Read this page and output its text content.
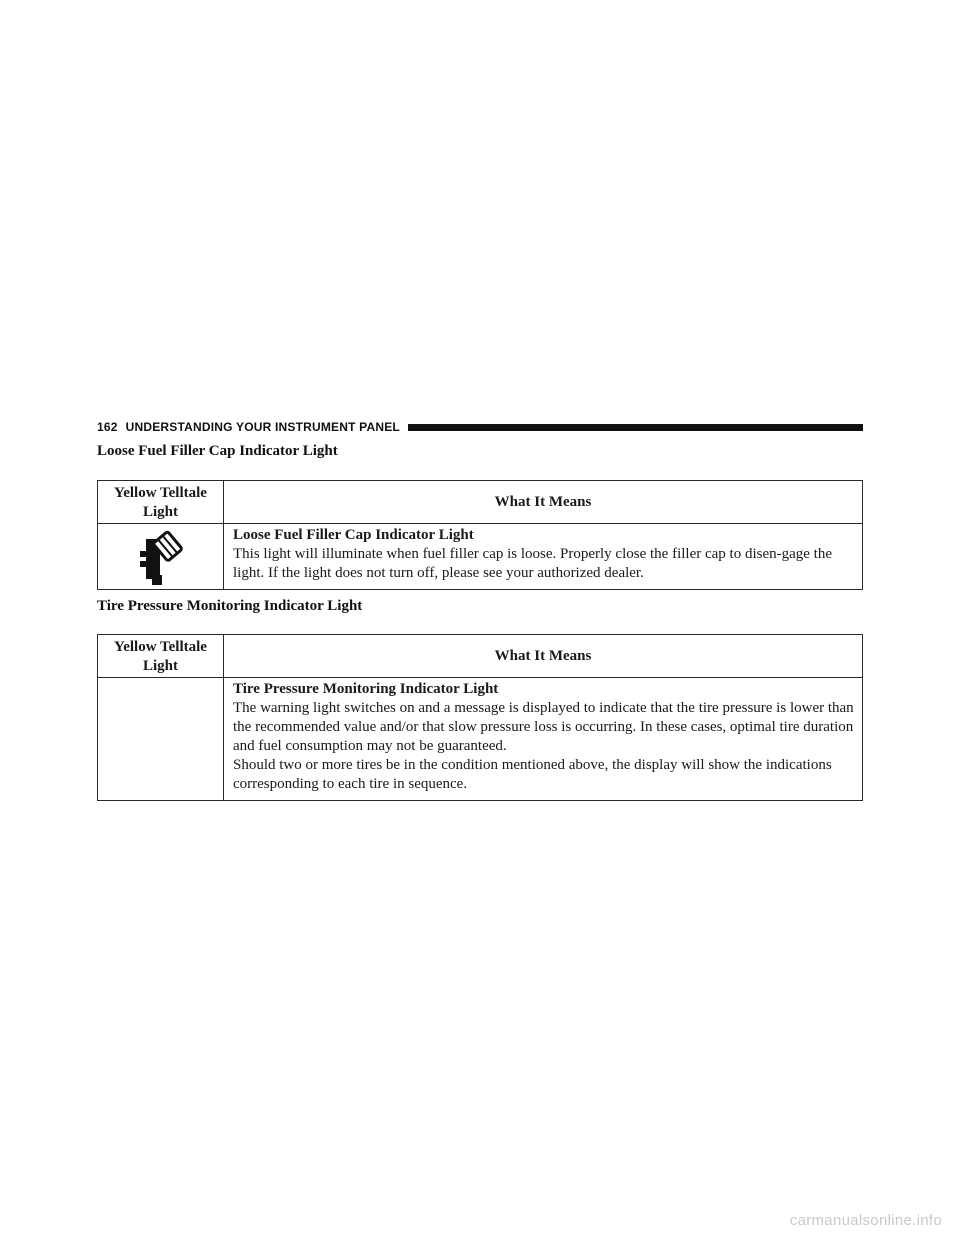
162 UNDERSTANDING YOUR INSTRUMENT PANEL
Loose Fuel Filler Cap Indicator Light
Yellow Telltale Light	What It Means

Loose Fuel Filler Cap Indicator Light
This light will illuminate when fuel filler cap is loose. Properly close the filler cap to disen-gage the light. If the light does not turn off, please see your authorized dealer.
Tire Pressure Monitoring Indicator Light
Yellow Telltale Light	What It Means

	Tire Pressure Monitoring Indicator Light
The warning light switches on and a message is displayed to indicate that the tire pressure is lower than the recommended value and/or that slow pressure loss is occurring. In these cases, optimal tire duration and fuel consumption may not be guaranteed.
Should two or more tires be in the condition mentioned above, the display will show the indications corresponding to each tire in sequence.
carmanualsonline.info
